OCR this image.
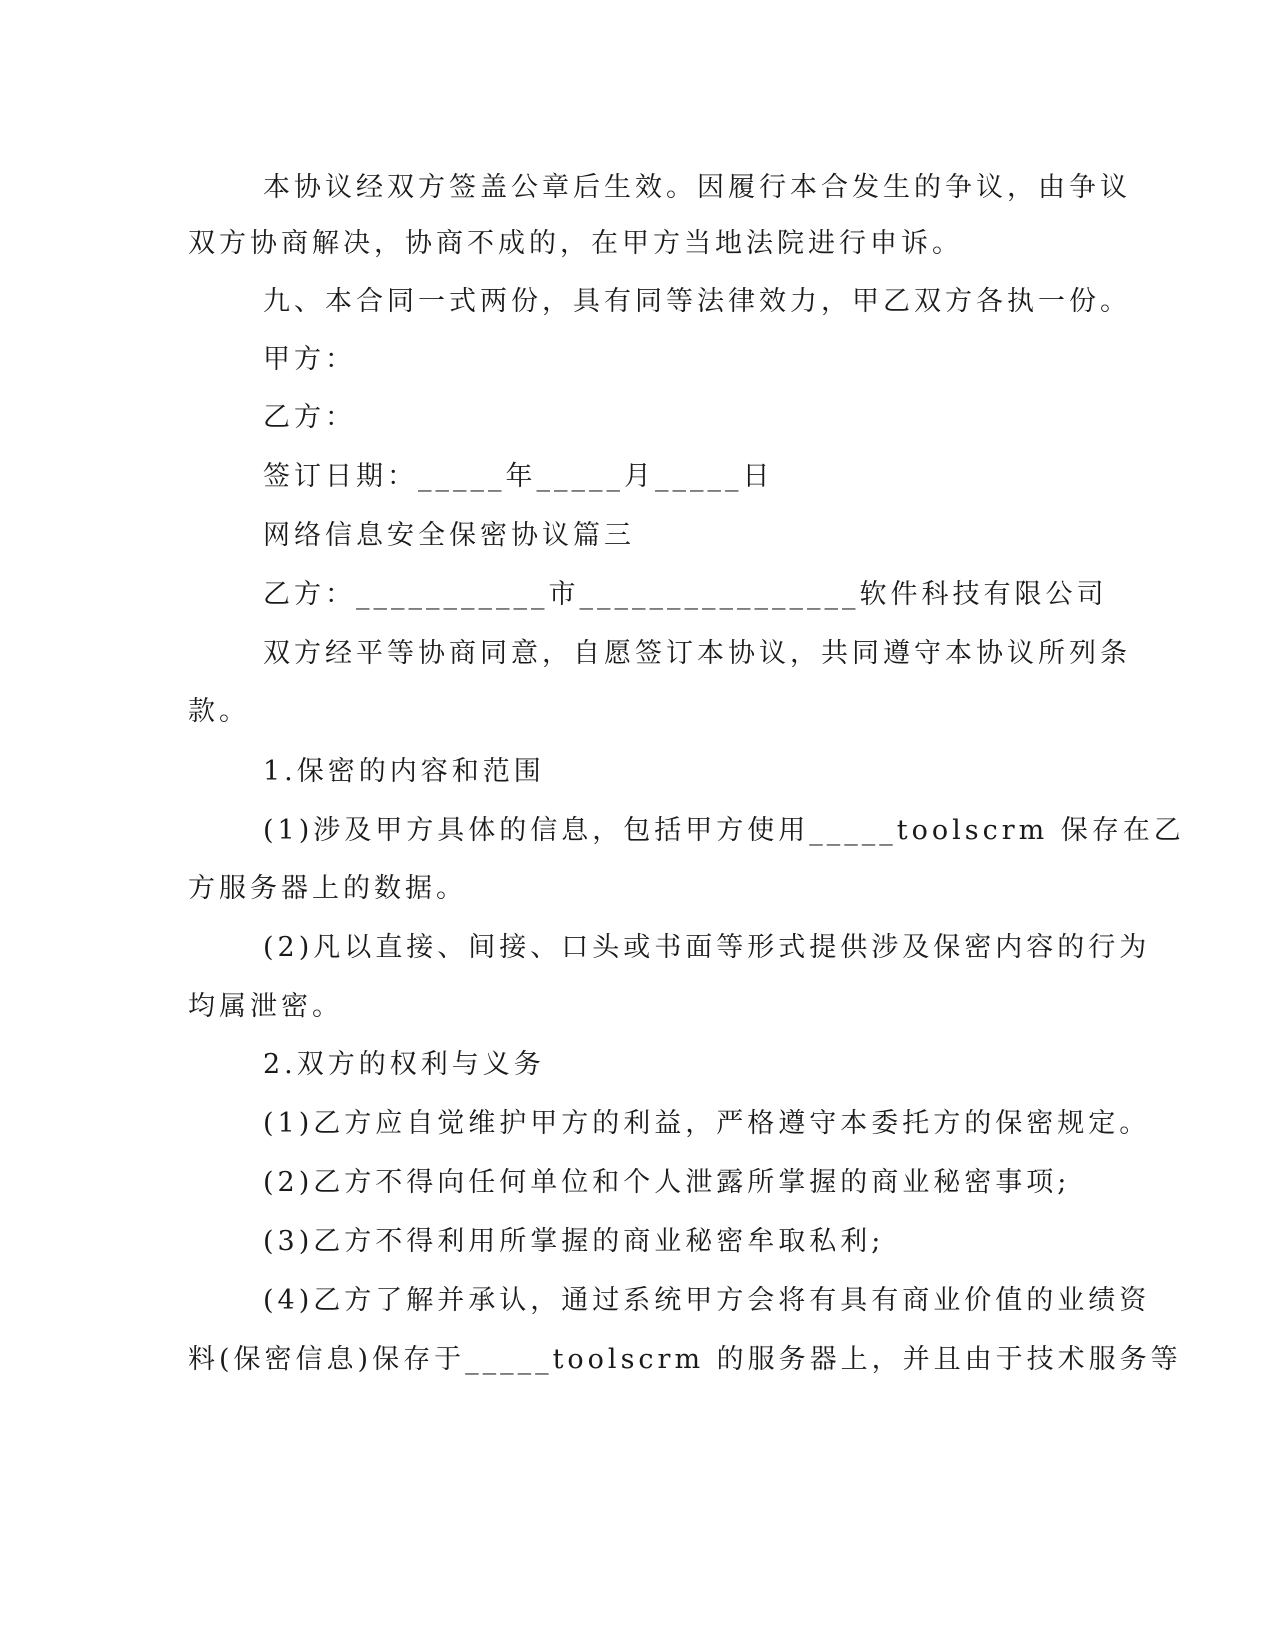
本协议经双方签盖公章后生效。因履行本合发生的争议，由争议
双方协商解决，协商不成的，在甲方当地法院进行申诉。
九、本合同一式两份，具有同等法律效力，甲乙双方各执一份。
甲方：
乙方：
签订日期：_____年_____月_____日
网络信息安全保密协议篇三
乙方：___________市________________软件科技有限公司
双方经平等协商同意，自愿签订本协议，共同遵守本协议所列条
款。
1.保密的内容和范围
(1)涉及甲方具体的信息，包括甲方使用_____toolscrm 保存在乙
方服务器上的数据。
(2)凡以直接、间接、口头或书面等形式提供涉及保密内容的行为
均属泄密。
2.双方的权利与义务
(1)乙方应自觉维护甲方的利益，严格遵守本委托方的保密规定。
(2)乙方不得向任何单位和个人泄露所掌握的商业秘密事项;
(3)乙方不得利用所掌握的商业秘密牟取私利;
(4)乙方了解并承认，通过系统甲方会将有具有商业价值的业绩资
料(保密信息)保存于_____toolscrm 的服务器上，并且由于技术服务等
